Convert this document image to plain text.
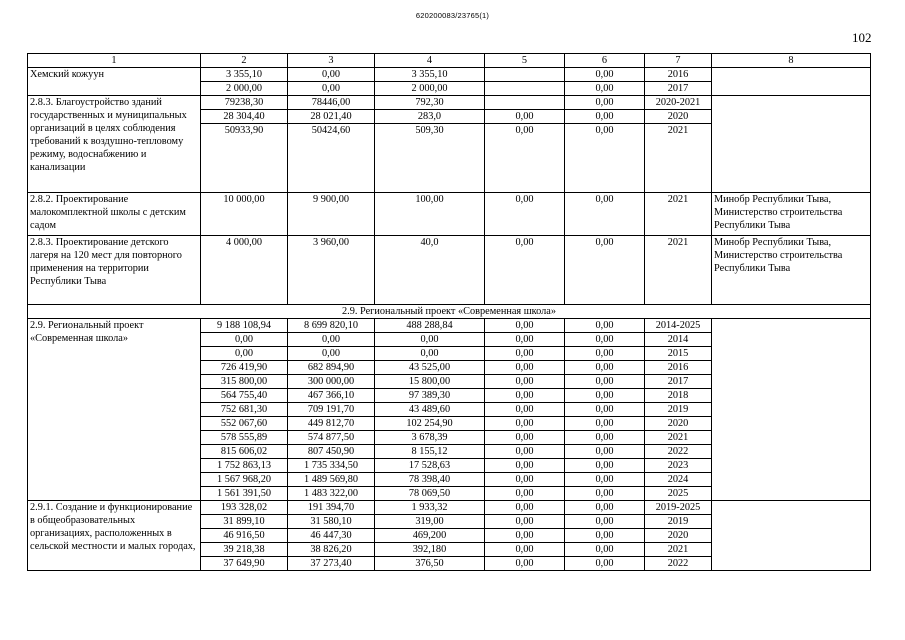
620200083/23765(1)
102
1	2	3	4	5	6	7	8
Хемский кожуун	3 355,10	0,00	3 355,10		0,00	2016	
	2 000,00	0,00	2 000,00		0,00	2017	
2.8.3. Благоустройство зданий государственных и муниципальных организаций в целях соблюдения требований к воздушно-тепловому режиму, водоснабжению и канализации	79238,30	78446,00	792,30		0,00	2020-2021	
	28 304,40	28 021,40	283,0	0,00	0,00	2020	
	50933,90	50424,60	509,30	0,00	0,00	2021	
2.8.2. Проектирование малокомплектной школы с детским садом	10 000,00	9 900,00	100,00	0,00	0,00	2021	Минобр Республики Тыва, Министерство строительства Республики Тыва
2.8.3. Проектирование детского лагеря на 120 мест для повторного применения на территории Республики Тыва	4 000,00	3 960,00	40,0	0,00	0,00	2021	Минобр Республики Тыва, Министерство строительства Республики Тыва
2.9. Региональный проект «Современная школа»							
2.9. Региональный проект «Современная школа»	9 188 108,94	8 699 820,10	488 288,84	0,00	0,00	2014-2025	
	0,00	0,00	0,00	0,00	0,00	2014	
	0,00	0,00	0,00	0,00	0,00	2015	
	726 419,90	682 894,90	43 525,00	0,00	0,00	2016	
	315 800,00	300 000,00	15 800,00	0,00	0,00	2017	
	564 755,40	467 366,10	97 389,30	0,00	0,00	2018	
	752 681,30	709 191,70	43 489,60	0,00	0,00	2019	
	552 067,60	449 812,70	102 254,90	0,00	0,00	2020	
	578 555,89	574 877,50	3 678,39	0,00	0,00	2021	
	815 606,02	807 450,90	8 155,12	0,00	0,00	2022	
	1 752 863,13	1 735 334,50	17 528,63	0,00	0,00	2023	
	1 567 968,20	1 489 569,80	78 398,40	0,00	0,00	2024	
	1 561 391,50	1 483 322,00	78 069,50	0,00	0,00	2025	
2.9.1. Создание и функционирование в общеобразовательных организациях, расположенных в сельской местности и малых городах,	193 328,02	191 394,70	1 933,32	0,00	0,00	2019-2025	
	31 899,10	31 580,10	319,00	0,00	0,00	2019	
	46 916,50	46 447,30	469,200	0,00	0,00	2020	
	39 218,38	38 826,20	392,180	0,00	0,00	2021	
	37 649,90	37 273,40	376,50	0,00	0,00	2022	
